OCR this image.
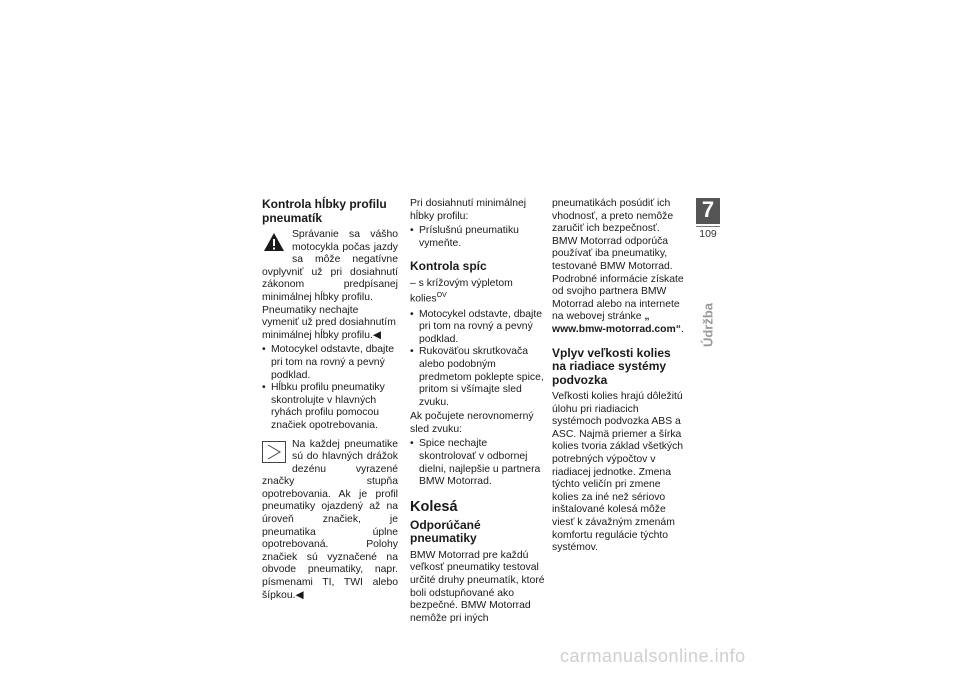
Kontrola hĺbky profilu pneumatík

Správanie sa vášho motocykla počas jazdy sa môže negatívne ovplyvniť už pri dosiahnutí zákonom predpísanej minimálnej hĺbky profilu.

Pneumatiky nechajte vymeniť už pred dosiahnutím minimálnej hĺbky profilu.◀

• Motocykel odstavte, dbajte pri tom na rovný a pevný podklad.
• Hĺbku profilu pneumatiky skontrolujte v hlavných ryhách profilu pomocou značiek opotrebovania.

Na každej pneumatike sú do hlavných drážok dezénu vyrazené značky stupňa opotrebovania. Ak je profil pneumatiky ojazdený až na úroveň značiek, je pneumatika úplne opotrebovaná. Polohy značiek sú vyznačené na obvode pneumatiky, napr. písmenami TI, TWI alebo šípkou.◀

Pri dosiahnutí minimálnej hĺbky profilu:

• Príslušnú pneumatiku vymeňte.
Kontrola spíc

– s krížovým výpletom kolies$^{OV}$

• Motocykel odstavte, dbajte pri tom na rovný a pevný podklad.
• Rukoväťou skrutkovača alebo podobným predmetom poklepte spice, pritom si všímajte sled zvuku.

Ak počujete nerovnomerný sled zvuku:

• Spice nechajte skontrolovať v odbornej dielni, najlepšie u partnera BMW Motorrad.
Kolesá
Odporúčané pneumatiky

BMW Motorrad pre každú veľkosť pneumatiky testoval určité druhy pneumatík, ktoré boli odstupňované ako bezpečné. BMW Motorrad nemôže pri iných

pneumatikách posúdiť ich vhodnosť, a preto nemôže zaručiť ich bezpečnosť.

BMW Motorrad odporúča používať iba pneumatiky, testované BMW Motorrad.

Podrobné informácie získate od svojho partnera BMW Motorrad alebo na internete na webovej stránke „ www.bmw-motorrad.com“.

Vplyv veľkosti kolies na riadiace systémy podvozka

Veľkosti kolies hrajú dôležitú úlohu pri riadiacich systémoch podvozka ABS a ASC. Najmä priemer a šírka kolies tvoria základ všetkých potrebných výpočtov v riadiacej jednotke. Zmena týchto veličín pri zmene kolies za iné než sériovo inštalované kolesá môže viesť k závažným zmenám komfortu regulácie týchto systémov.

7
109
Údržba
carmanualsonline.info
